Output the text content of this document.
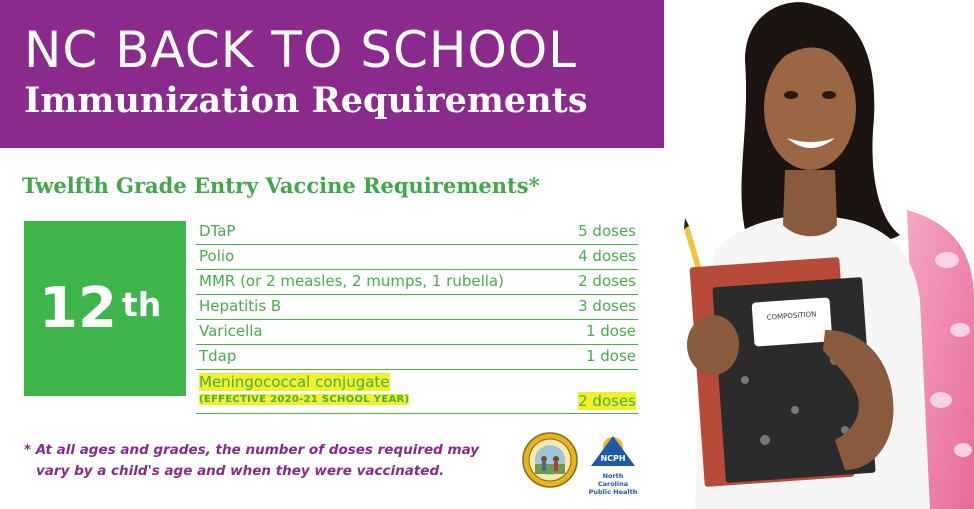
NC BACK TO SCHOOL
Immunization Requirements
Twelfth Grade Entry Vaccine Requirements*
12 th
DTaP	5 doses
Polio	4 doses
MMR (or 2 measles, 2 mumps, 1 rubella)	2 doses
Hepatitis B	3 doses
Varicella	1 dose
Tdap	1 dose
Meningococcal conjugate
(EFFECTIVE 2020-21 SCHOOL YEAR)	2 doses
* At all ages and grades, the number of doses required may
vary by a child's age and when they were vaccinated.
NCPH
North Carolina
Public Health
COMPOSITION
